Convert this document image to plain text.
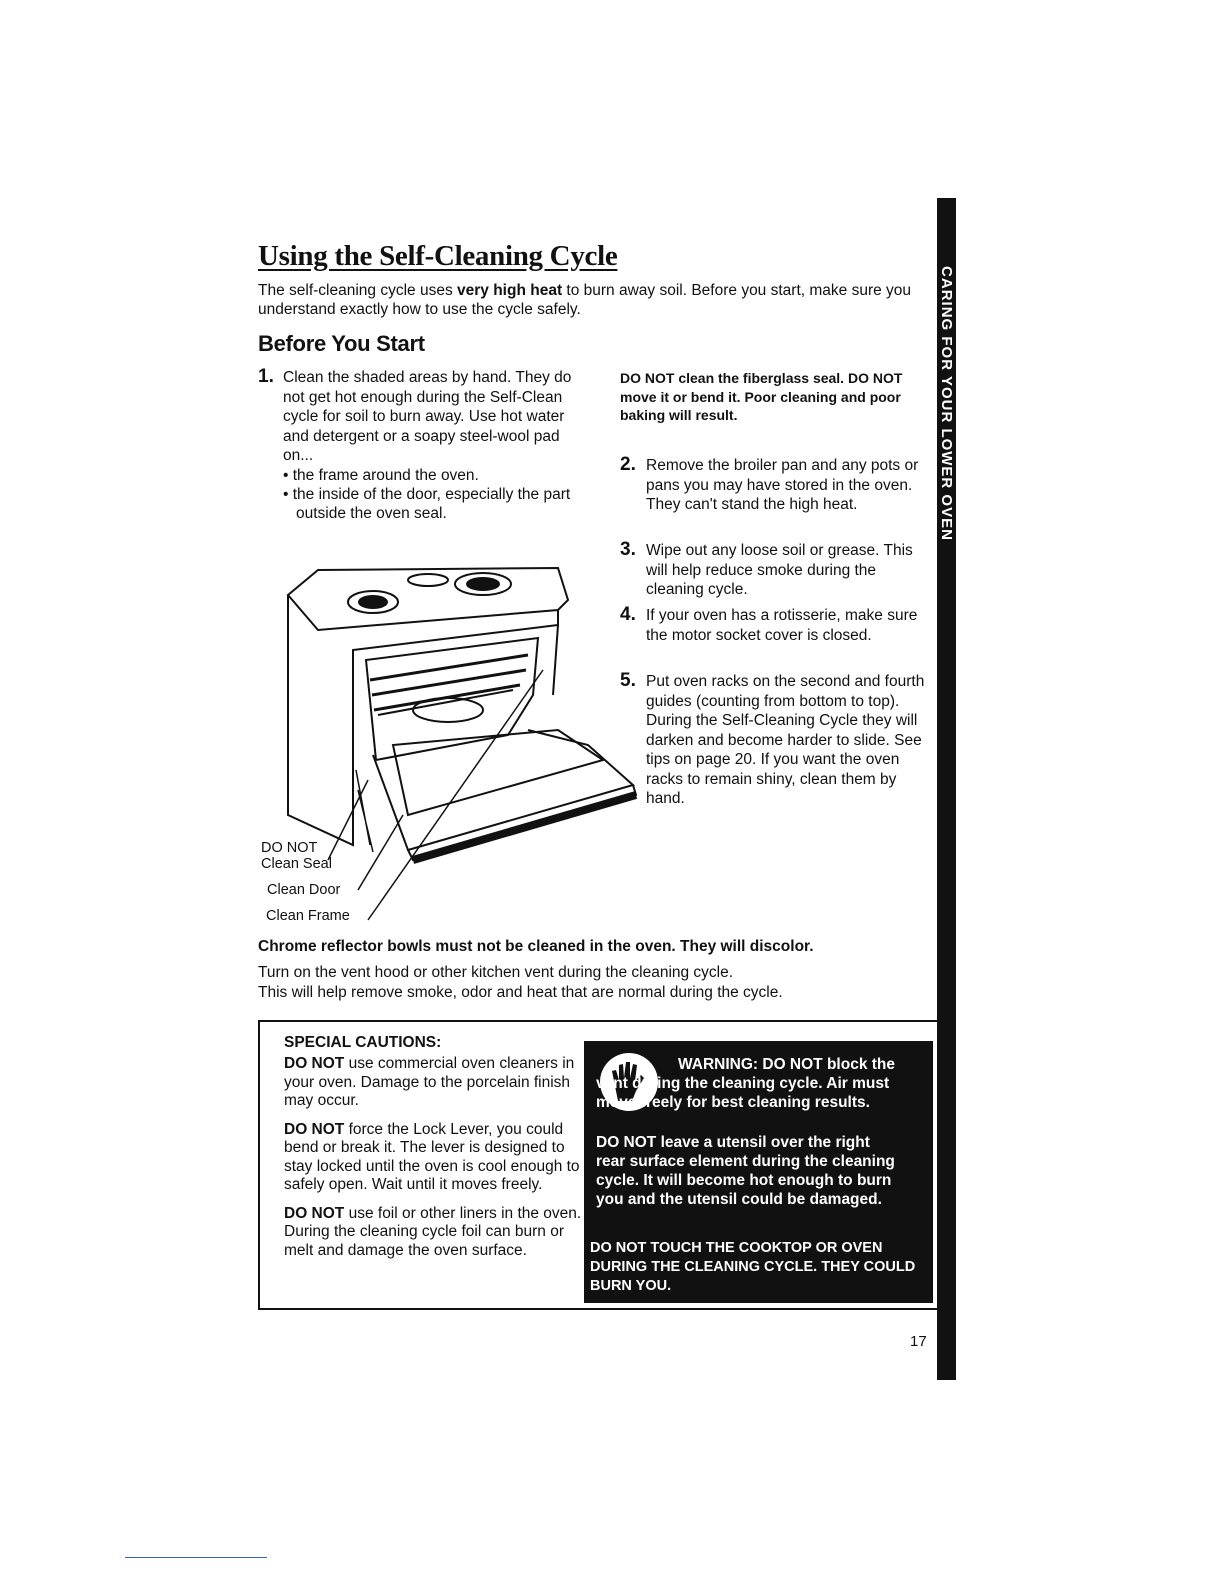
CARING FOR YOUR LOWER OVEN
Using the Self-Cleaning Cycle

The self-cleaning cycle uses very high heat to burn away soil. Before you start, make sure you understand exactly how to use the cycle safely.

Before You Start
1. Clean the shaded areas by hand. They do not get hot enough during the Self-Clean cycle for soil to burn away. Use hot water and detergent or a soapy steel-wool pad on...

• the frame around the oven.
• the inside of the door, especially the part outside the oven seal.

DO NOT clean the fiberglass seal. DO NOT move it or bend it. Poor cleaning and poor baking will result.

2. Remove the broiler pan and any pots or pans you may have stored in the oven. They can't stand the high heat.

3. Wipe out any loose soil or grease. This will help reduce smoke during the cleaning cycle.

4. If your oven has a rotisserie, make sure the motor socket cover is closed.

5. Put oven racks on the second and fourth guides (counting from bottom to top). During the Self-Cleaning Cycle they will darken and become harder to slide. See tips on page 20. If you want the oven racks to remain shiny, clean them by hand.

DO NOT
Clean Seal
Clean Door
Clean Frame

Chrome reflector bowls must not be cleaned in the oven. They will discolor.

Turn on the vent hood or other kitchen vent during the cleaning cycle.
This will help remove smoke, odor and heat that are normal during the cycle.
SPECIAL CAUTIONS:

DO NOT use commercial oven cleaners in your oven. Damage to the porcelain finish may occur.

DO NOT force the Lock Lever, you could bend or break it. The lever is designed to stay locked until the oven is cool enough to safely open. Wait until it moves freely.

DO NOT use foil or other liners in the oven. During the cleaning cycle foil can burn or melt and damage the oven surface.

WARNING: DO NOT block the vent during the cleaning cycle. Air must move freely for best cleaning results.

DO NOT leave a utensil over the right rear surface element during the cleaning cycle. It will become hot enough to burn you and the utensil could be damaged.

DO NOT TOUCH THE COOKTOP OR OVEN DURING THE CLEANING CYCLE. THEY COULD BURN YOU.

17
